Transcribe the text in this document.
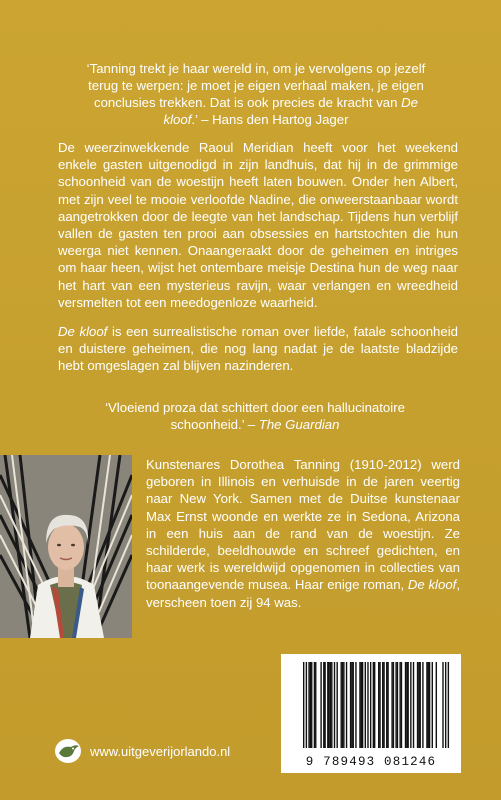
‘Tanning trekt je haar wereld in, om je vervolgens op jezelf terug te werpen: je moet je eigen verhaal maken, je eigen conclusies trekken. Dat is ook precies de kracht van De kloof.’ – Hans den Hartog Jager

De weerzinwekkende Raoul Meridian heeft voor het weekend enkele gasten uitgenodigd in zijn landhuis, dat hij in de grimmige schoonheid van de woestijn heeft laten bouwen. Onder hen Albert, met zijn veel te mooie verloofde Nadine, die onweerstaanbaar wordt aangetrokken door de leegte van het landschap. Tijdens hun verblijf vallen de gasten ten prooi aan obsessies en hartstochten die hun weerga niet kennen. Onaangeraakt door de geheimen en intriges om haar heen, wijst het ontembare meisje Destina hun de weg naar het hart van een mysterieus ravijn, waar verlangen en wreedheid versmelten tot een meedogenloze waarheid.

De kloof is een surrealistische roman over liefde, fatale schoonheid en duistere geheimen, die nog lang nadat je de laatste bladzijde hebt omgeslagen zal blijven nazinderen.

‘Vloeiend proza dat schittert door een hallucinatoire schoonheid.’ – The Guardian
Kunstenares Dorothea Tanning (1910-2012) werd geboren in Illinois en verhuisde in de jaren veertig naar New York. Samen met de Duitse kunstenaar Max Ernst woonde en werkte ze in Sedona, Arizona in een huis aan de rand van de woestijn. Ze schilderde, beeldhouwde en schreef gedichten, en haar werk is wereldwijd opgenomen in collecties van toonaangevende musea. Haar enige roman, De kloof, verscheen toen zij 94 was.
9 789493 081246
www.uitgeverijorlando.nl
